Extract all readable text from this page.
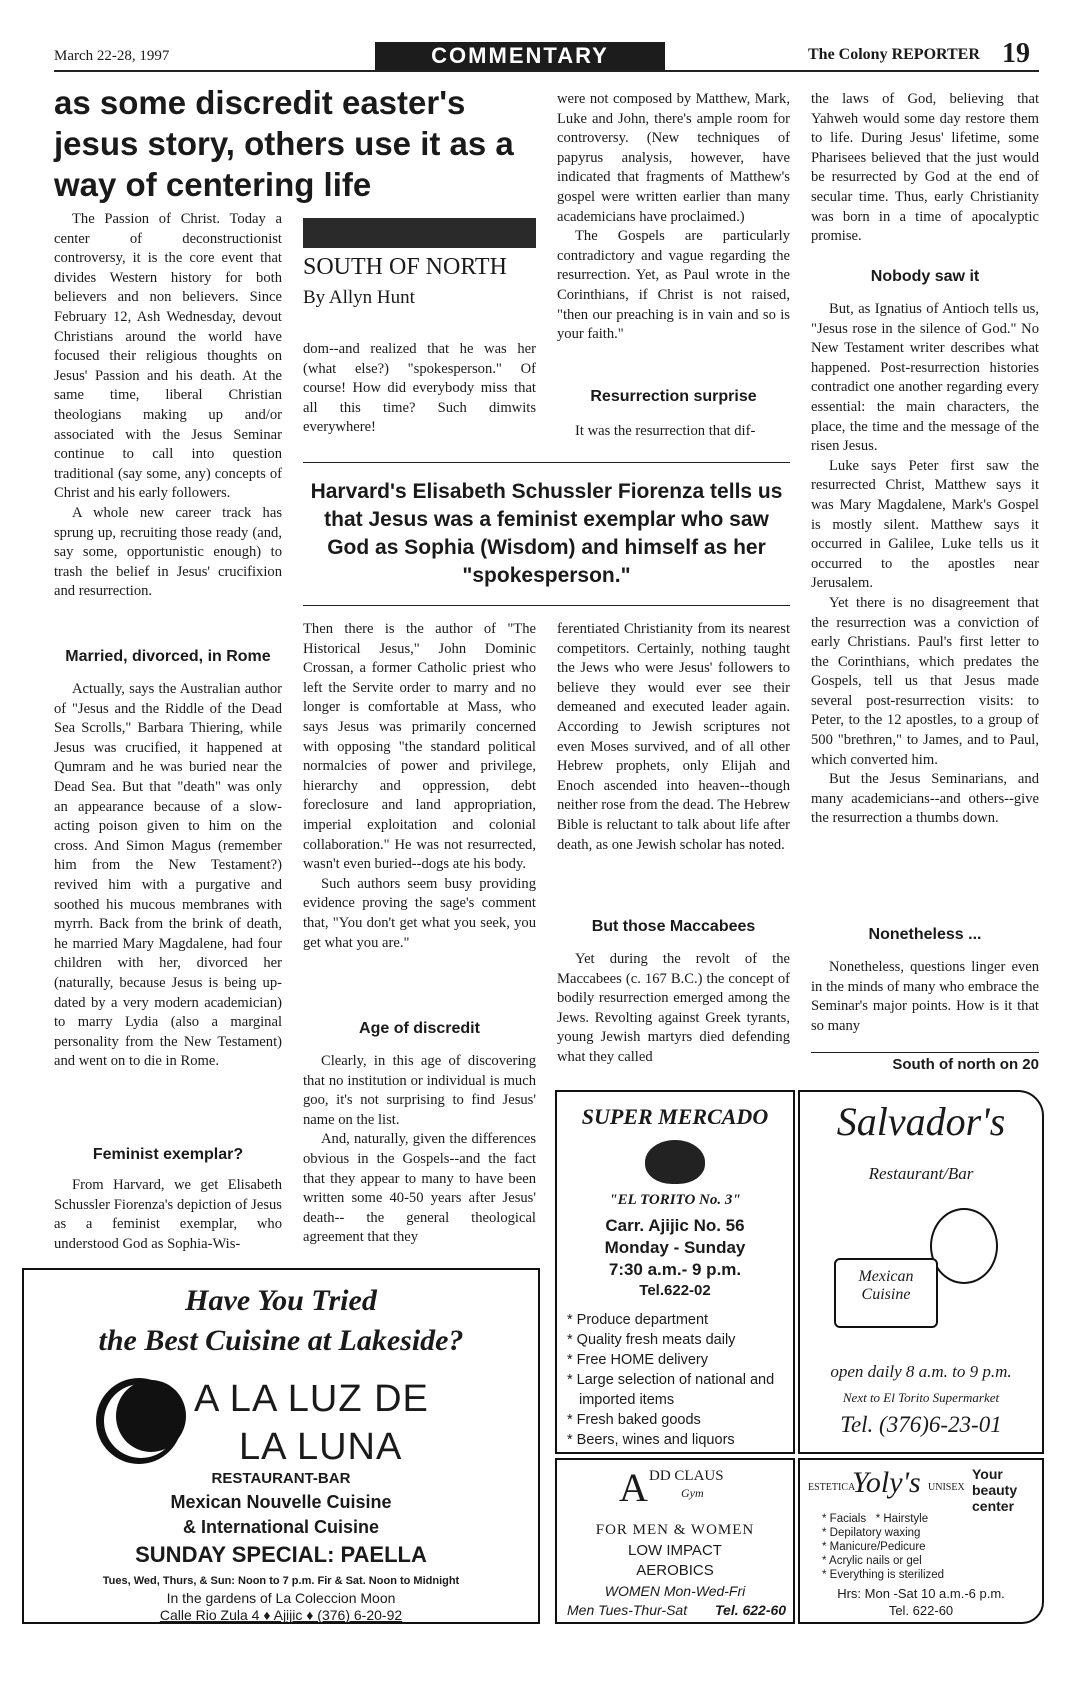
March 22-28, 1997	COMMENTARY	The Colony REPORTER 19
as some discredit easter's jesus story, others use it as a way of centering life

The Passion of Christ. Today a center of deconstructionist controversy, it is the core event that divides Western history for both believers and non believers. Since February 12, Ash Wednesday, devout Christians around the world have focused their religious thoughts on Jesus' Passion and his death. At the same time, liberal Christian theologians making up and/or associated with the Jesus Seminar continue to call into question traditional (say some, any) concepts of Christ and his early followers.

A whole new career track has sprung up, recruiting those ready (and, say some, opportunistic enough) to trash the belief in Jesus' crucifixion and resurrection.

Married, divorced, in Rome

Actually, says the Australian author of "Jesus and the Riddle of the Dead Sea Scrolls," Barbara Thiering, while Jesus was crucified, it happened at Qumram and he was buried near the Dead Sea. But that "death" was only an appearance because of a slow-acting poison given to him on the cross. And Simon Magus (remember him from the New Testament?) revived him with a purgative and soothed his mucous membranes with myrrh. Back from the brink of death, he married Mary Magdalene, had four children with her, divorced her (naturally, because Jesus is being up-dated by a very modern academician) to marry Lydia (also a marginal personality from the New Testament) and went on to die in Rome.

Feminist exemplar?

From Harvard, we get Elisabeth Schussler Fiorenza's depiction of Jesus as a feminist exemplar, who understood God as Sophia-Wis-

SOUTH OF NORTH
By Allyn Hunt

dom--and realized that he was her (what else?) "spokesperson." Of course! How did everybody miss that all this time? Such dimwits everywhere!

were not composed by Matthew, Mark, Luke and John, there's ample room for controversy. (New techniques of papyrus analysis, however, have indicated that fragments of Matthew's gospel were written earlier than many academicians have proclaimed.)

The Gospels are particularly contradictory and vague regarding the resurrection. Yet, as Paul wrote in the Corinthians, if Christ is not raised, "then our preaching is in vain and so is your faith."

Resurrection surprise

It was the resurrection that dif-

Harvard's Elisabeth Schussler Fiorenza tells us that Jesus was a feminist exemplar who saw God as Sophia (Wisdom) and himself as her "spokesperson."

Then there is the author of "The Historical Jesus," John Dominic Crossan, a former Catholic priest who left the Servite order to marry and no longer is comfortable at Mass, who says Jesus was primarily concerned with opposing "the standard political normalcies of power and privilege, hierarchy and oppression, debt foreclosure and land appropriation, imperial exploitation and colonial collaboration." He was not resurrected, wasn't even buried--dogs ate his body.

Such authors seem busy providing evidence proving the sage's comment that, "You don't get what you seek, you get what you are."

Age of discredit

Clearly, in this age of discovering that no institution or individual is much goo, it's not surprising to find Jesus' name on the list.

And, naturally, given the differences obvious in the Gospels--and the fact that they appear to many to have been written some 40-50 years after Jesus' death-- the general theological agreement that they

ferentiated Christianity from its nearest competitors. Certainly, nothing taught the Jews who were Jesus' followers to believe they would ever see their demeaned and executed leader again. According to Jewish scriptures not even Moses survived, and of all other Hebrew prophets, only Elijah and Enoch ascended into heaven--though neither rose from the dead. The Hebrew Bible is reluctant to talk about life after death, as one Jewish scholar has noted.

But those Maccabees

Yet during the revolt of the Maccabees (c. 167 B.C.) the concept of bodily resurrection emerged among the Jews. Revolting against Greek tyrants, young Jewish martyrs died defending what they called

the laws of God, believing that Yahweh would some day restore them to life. During Jesus' lifetime, some Pharisees believed that the just would be resurrected by God at the end of secular time. Thus, early Christianity was born in a time of apocalyptic promise.

Nobody saw it

But, as Ignatius of Antioch tells us, "Jesus rose in the silence of God." No New Testament writer describes what happened. Post-resurrection histories contradict one another regarding every essential: the main characters, the place, the time and the message of the risen Jesus.

Luke says Peter first saw the resurrected Christ, Matthew says it was Mary Magdalene, Mark's Gospel is mostly silent. Matthew says it occurred in Galilee, Luke tells us it occurred to the apostles near Jerusalem.

Yet there is no disagreement that the resurrection was a conviction of early Christians. Paul's first letter to the Corinthians, which predates the Gospels, tell us that Jesus made several post-resurrection visits: to Peter, to the 12 apostles, to a group of 500 "brethren," to James, and to Paul, which converted him.

But the Jesus Seminarians, and many academicians--and others--give the resurrection a thumbs down.

Nonetheless ...

Nonetheless, questions linger even in the minds of many who embrace the Seminar's major points. How is it that so many

South of north on 20
Have You Tried
the Best Cuisine at Lakeside?
A LA LUZ DE
LA LUNA
RESTAURANT-BAR
Mexican Nouvelle Cuisine
& International Cuisine
SUNDAY SPECIAL: PAELLA
Tues, Wed, Thurs, & Sun: Noon to 7 p.m. Fir & Sat. Noon to Midnight
In the gardens of La Coleccion Moon
Calle Rio Zula 4 ♦ Ajijic ♦ (376) 6-20-92
SUPER MERCADO
"EL TORITO No. 3"
Carr. Ajijic No. 56
Monday - Sunday
7:30 a.m.- 9 p.m.
Tel.622-02
* Produce department
* Quality fresh meats daily
* Free HOME delivery
* Large selection of national and imported items
* Fresh baked goods
* Beers, wines and liquors
Salvador's
Restaurant/Bar
Mexican
Cuisine
open daily 8 a.m. to 9 p.m.
Next to El Torito Supermarket
Tel. (376)6-23-01
A DD CLAUS
Gym
FOR MEN & WOMEN
LOW IMPACT
AEROBICS
WOMEN Mon-Wed-Fri
Men Tues-Thur-Sat Tel. 622-60
ESTETICA
Yoly's UNISEX
Your beauty center
* Facials   * Hairstyle
* Depilatory waxing
* Manicure/Pedicure
* Acrylic nails or gel
* Everything is sterilized
Hrs: Mon -Sat 10 a.m.-6 p.m.
Tel. 622-60
